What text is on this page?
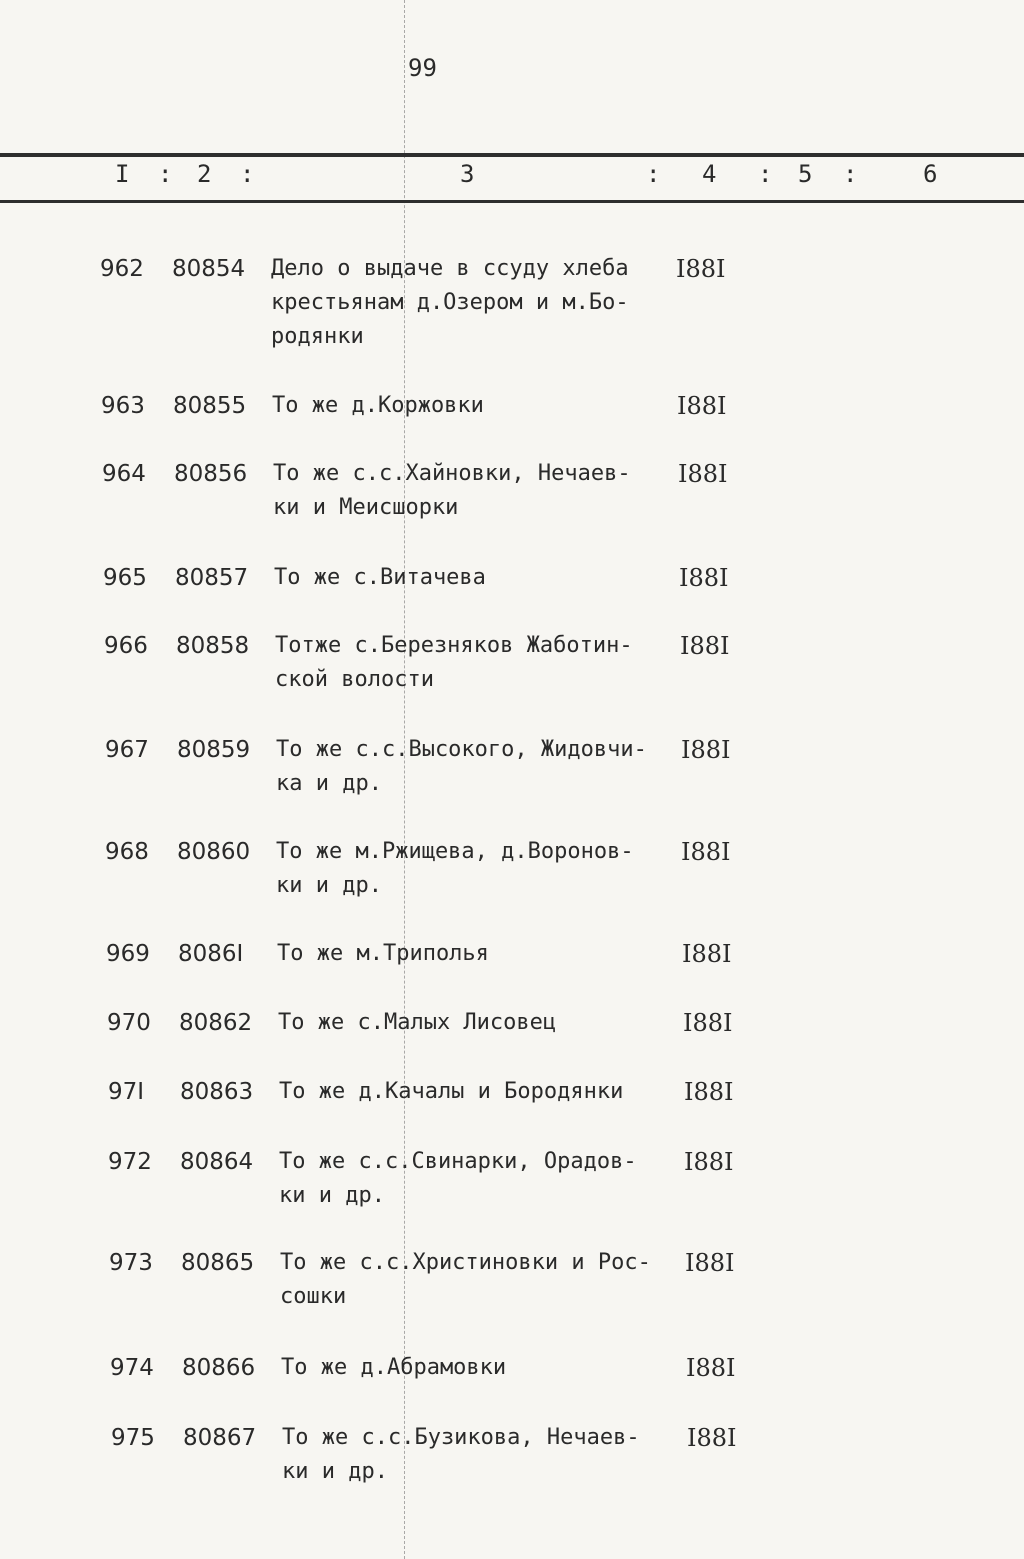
99
I : 2 :	3	: 4 : 5 :	6
962 80854 Дело о выдаче в ссуду хлеба
крестьянам д.Озером и м.Бо-
родянки
I88I
963 80855 То же д.Коржовки	I88I
964 80856 То же с.с.Хайновки, Нечаев-
ки и Меисшорки
I88I
965 80857 То же с.Витачева	I88I
966 80858 Тотже с.Березняков Жаботин-
ской волости
I88I
967 80859 То же с.с.Высокого, Жидовчи-
ка и др.
I88I
968 80860 То же м.Ржищева, д.Воронов-
ки и др.
I88I
969 8086I То же м.Триполья	I88I
970 80862 То же с.Малых Лисовец	I88I
97I 80863 То же д.Качалы и Бородянки	I88I
972 80864 То же с.с.Свинарки, Орадов-
ки и др.
I88I
973 80865 То же с.с.Христиновки и Рос-
сошки
I88I
974 80866 То же д.Абрамовки	I88I
975 80867 То же с.с.Бузикова, Нечаев-
ки и др.
I88I
